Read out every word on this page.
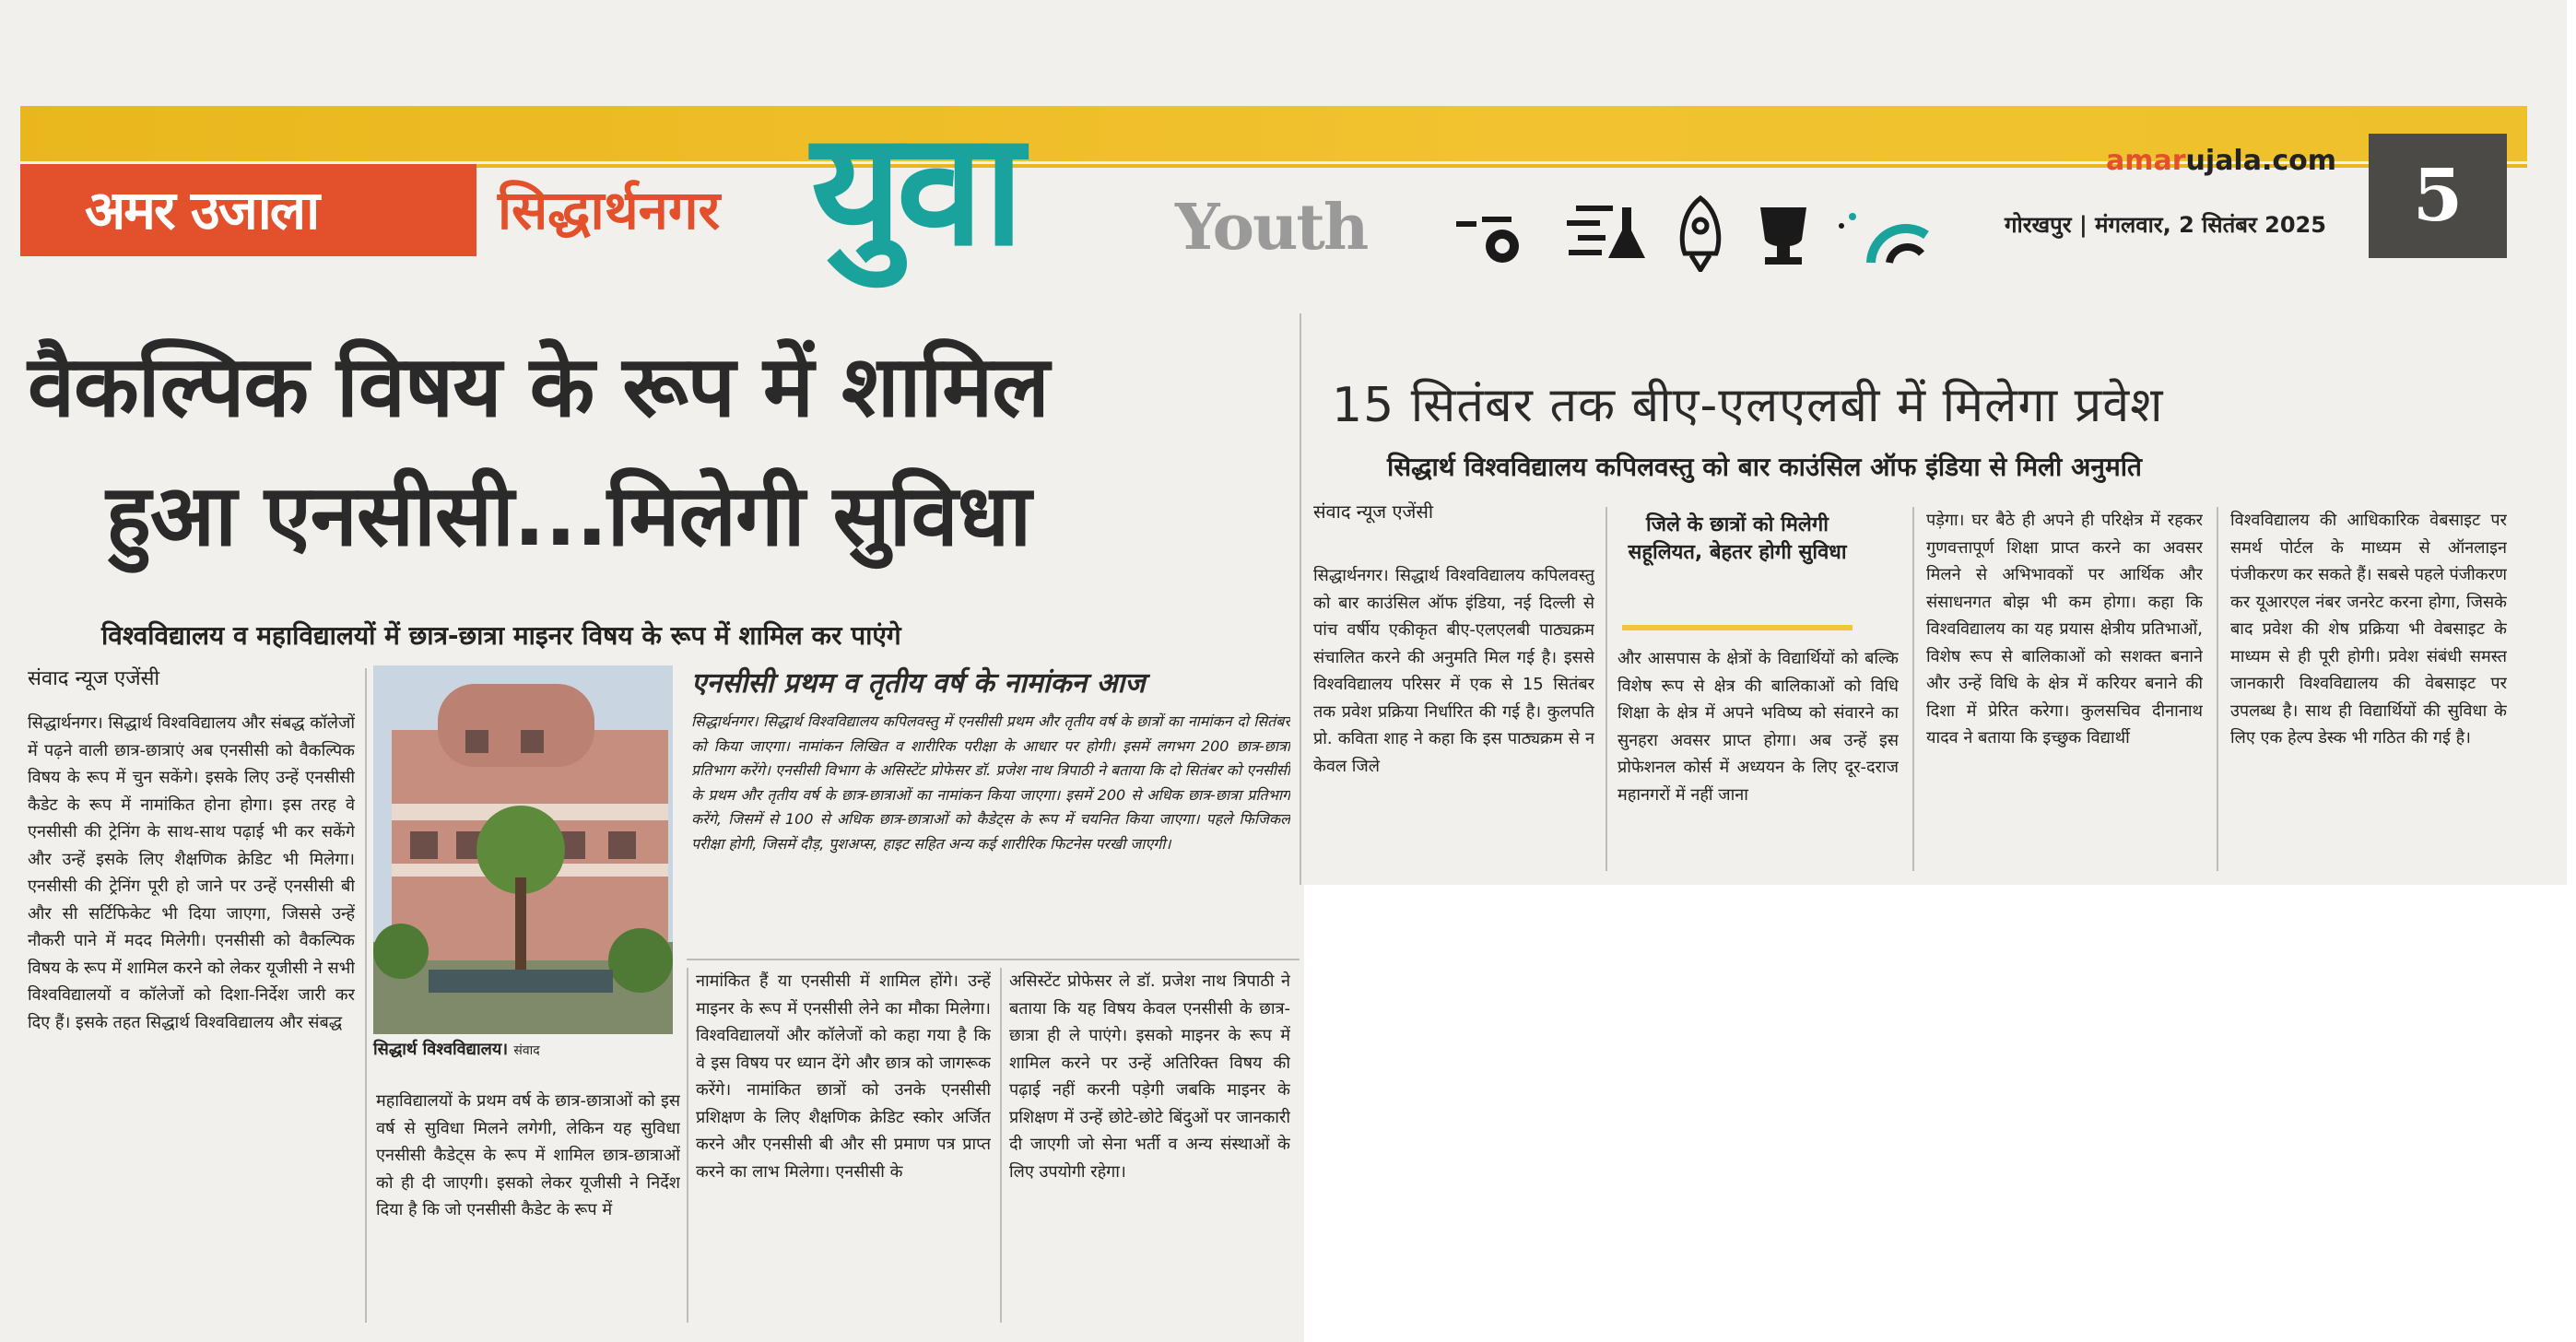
अमर उजाला	सिद्धार्थनगर युवा	Youth
amarujala.com
गोरखपुर | मंगलवार, 2 सितंबर 2025	5
वैकल्पिक विषय के रूप में शामिल
हुआ एनसीसी...मिलेगी सुविधा
विश्वविद्यालय व महाविद्यालयों में छात्र-छात्रा माइनर विषय के रूप में शामिल कर पाएंगे
संवाद न्यूज एजेंसी

सिद्धार्थनगर। सिद्धार्थ विश्वविद्यालय और संबद्ध कॉलेजों में पढ़ने वाली छात्र-छात्राएं अब एनसीसी को वैकल्पिक विषय के रूप में चुन सकेंगे। इसके लिए उन्हें एनसीसी कैडेट के रूप में नामांकित होना होगा। इस तरह वे एनसीसी की ट्रेनिंग के साथ-साथ पढ़ाई भी कर सकेंगे और उन्हें इसके लिए शैक्षणिक क्रेडिट भी मिलेगा। एनसीसी की ट्रेनिंग पूरी हो जाने पर उन्हें एनसीसी बी और सी सर्टिफिकेट भी दिया जाएगा, जिससे उन्हें नौकरी पाने में मदद मिलेगी। एनसीसी को वैकल्पिक विषय के रूप में शामिल करने को लेकर यूजीसी ने सभी विश्वविद्यालयों व कॉलेजों को दिशा-निर्देश जारी कर दिए हैं। इसके तहत सिद्धार्थ विश्वविद्यालय और संबद्ध

सिद्धार्थ विश्वविद्यालय। संवाद
एनसीसी प्रथम व तृतीय वर्ष के नामांकन आज

सिद्धार्थनगर। सिद्धार्थ विश्वविद्यालय कपिलवस्तु में एनसीसी प्रथम और तृतीय वर्ष के छात्रों का नामांकन दो सितंबर को किया जाएगा। नामांकन लिखित व शारीरिक परीक्षा के आधार पर होगी। इसमें लगभग 200 छात्र-छात्रा प्रतिभाग करेंगे। एनसीसी विभाग के असिस्टेंट प्रोफेसर डॉ. प्रजेश नाथ त्रिपाठी ने बताया कि दो सितंबर को एनसीसी के प्रथम और तृतीय वर्ष के छात्र-छात्राओं का नामांकन किया जाएगा। इसमें 200 से अधिक छात्र-छात्रा प्रतिभाग करेंगे, जिसमें से 100 से अधिक छात्र-छात्राओं को कैडेट्स के रूप में चयनित किया जाएगा। पहले फिजिकल परीक्षा होगी, जिसमें दौड़, पुशअप्स, हाइट सहित अन्य कई शारीरिक फिटनेस परखी जाएगी।

महाविद्यालयों के प्रथम वर्ष के छात्र-छात्राओं को इस वर्ष से सुविधा मिलने लगेगी, लेकिन यह सुविधा एनसीसी कैडेट्स के रूप में शामिल छात्र-छात्राओं को ही दी जाएगी। इसको लेकर यूजीसी ने निर्देश दिया है कि जो एनसीसी कैडेट के रूप में

नामांकित हैं या एनसीसी में शामिल होंगे। उन्हें माइनर के रूप में एनसीसी लेने का मौका मिलेगा। विश्वविद्यालयों और कॉलेजों को कहा गया है कि वे इस विषय पर ध्यान देंगे और छात्र को जागरूक करेंगे। नामांकित छात्रों को उनके एनसीसी प्रशिक्षण के लिए शैक्षणिक क्रेडिट स्कोर अर्जित करने और एनसीसी बी और सी प्रमाण पत्र प्राप्त करने का लाभ मिलेगा। एनसीसी के

असिस्टेंट प्रोफेसर ले डॉ. प्रजेश नाथ त्रिपाठी ने बताया कि यह विषय केवल एनसीसी के छात्र-छात्रा ही ले पाएंगे। इसको माइनर के रूप में शामिल करने पर उन्हें अतिरिक्त विषय की पढ़ाई नहीं करनी पड़ेगी जबकि माइनर के प्रशिक्षण में उन्हें छोटे-छोटे बिंदुओं पर जानकारी दी जाएगी जो सेना भर्ती व अन्य संस्थाओं के लिए उपयोगी रहेगा।

15 सितंबर तक बीए-एलएलबी में मिलेगा प्रवेश
सिद्धार्थ विश्वविद्यालय कपिलवस्तु को बार काउंसिल ऑफ इंडिया से मिली अनुमति
संवाद न्यूज एजेंसी
जिले के छात्रों को मिलेगी सहूलियत, बेहतर होगी सुविधा

सिद्धार्थनगर। सिद्धार्थ विश्वविद्यालय कपिलवस्तु को बार काउंसिल ऑफ इंडिया, नई दिल्ली से पांच वर्षीय एकीकृत बीए-एलएलबी पाठ्यक्रम संचालित करने की अनुमति मिल गई है। इससे विश्वविद्यालय परिसर में एक से 15 सितंबर तक प्रवेश प्रक्रिया निर्धारित की गई है। कुलपति प्रो. कविता शाह ने कहा कि इस पाठ्यक्रम से न केवल जिले

और आसपास के क्षेत्रों के विद्यार्थियों को बल्कि विशेष रूप से क्षेत्र की बालिकाओं को विधि शिक्षा के क्षेत्र में अपने भविष्य को संवारने का सुनहरा अवसर प्राप्त होगा। अब उन्हें इस प्रोफेशनल कोर्स में अध्ययन के लिए दूर-दराज महानगरों में नहीं जाना

पड़ेगा। घर बैठे ही अपने ही परिक्षेत्र में रहकर गुणवत्तापूर्ण शिक्षा प्राप्त करने का अवसर मिलने से अभिभावकों पर आर्थिक और संसाधनगत बोझ भी कम होगा। कहा कि विश्वविद्यालय का यह प्रयास क्षेत्रीय प्रतिभाओं, विशेष रूप से बालिकाओं को सशक्त बनाने और उन्हें विधि के क्षेत्र में करियर बनाने की दिशा में प्रेरित करेगा। कुलसचिव दीनानाथ यादव ने बताया कि इच्छुक विद्यार्थी

विश्वविद्यालय की आधिकारिक वेबसाइट पर समर्थ पोर्टल के माध्यम से ऑनलाइन पंजीकरण कर सकते हैं। सबसे पहले पंजीकरण कर यूआरएल नंबर जनरेट करना होगा, जिसके बाद प्रवेश की शेष प्रक्रिया भी वेबसाइट के माध्यम से ही पूरी होगी। प्रवेश संबंधी समस्त जानकारी विश्वविद्यालय की वेबसाइट पर उपलब्ध है। साथ ही विद्यार्थियों की सुविधा के लिए एक हेल्प डेस्क भी गठित की गई है।
